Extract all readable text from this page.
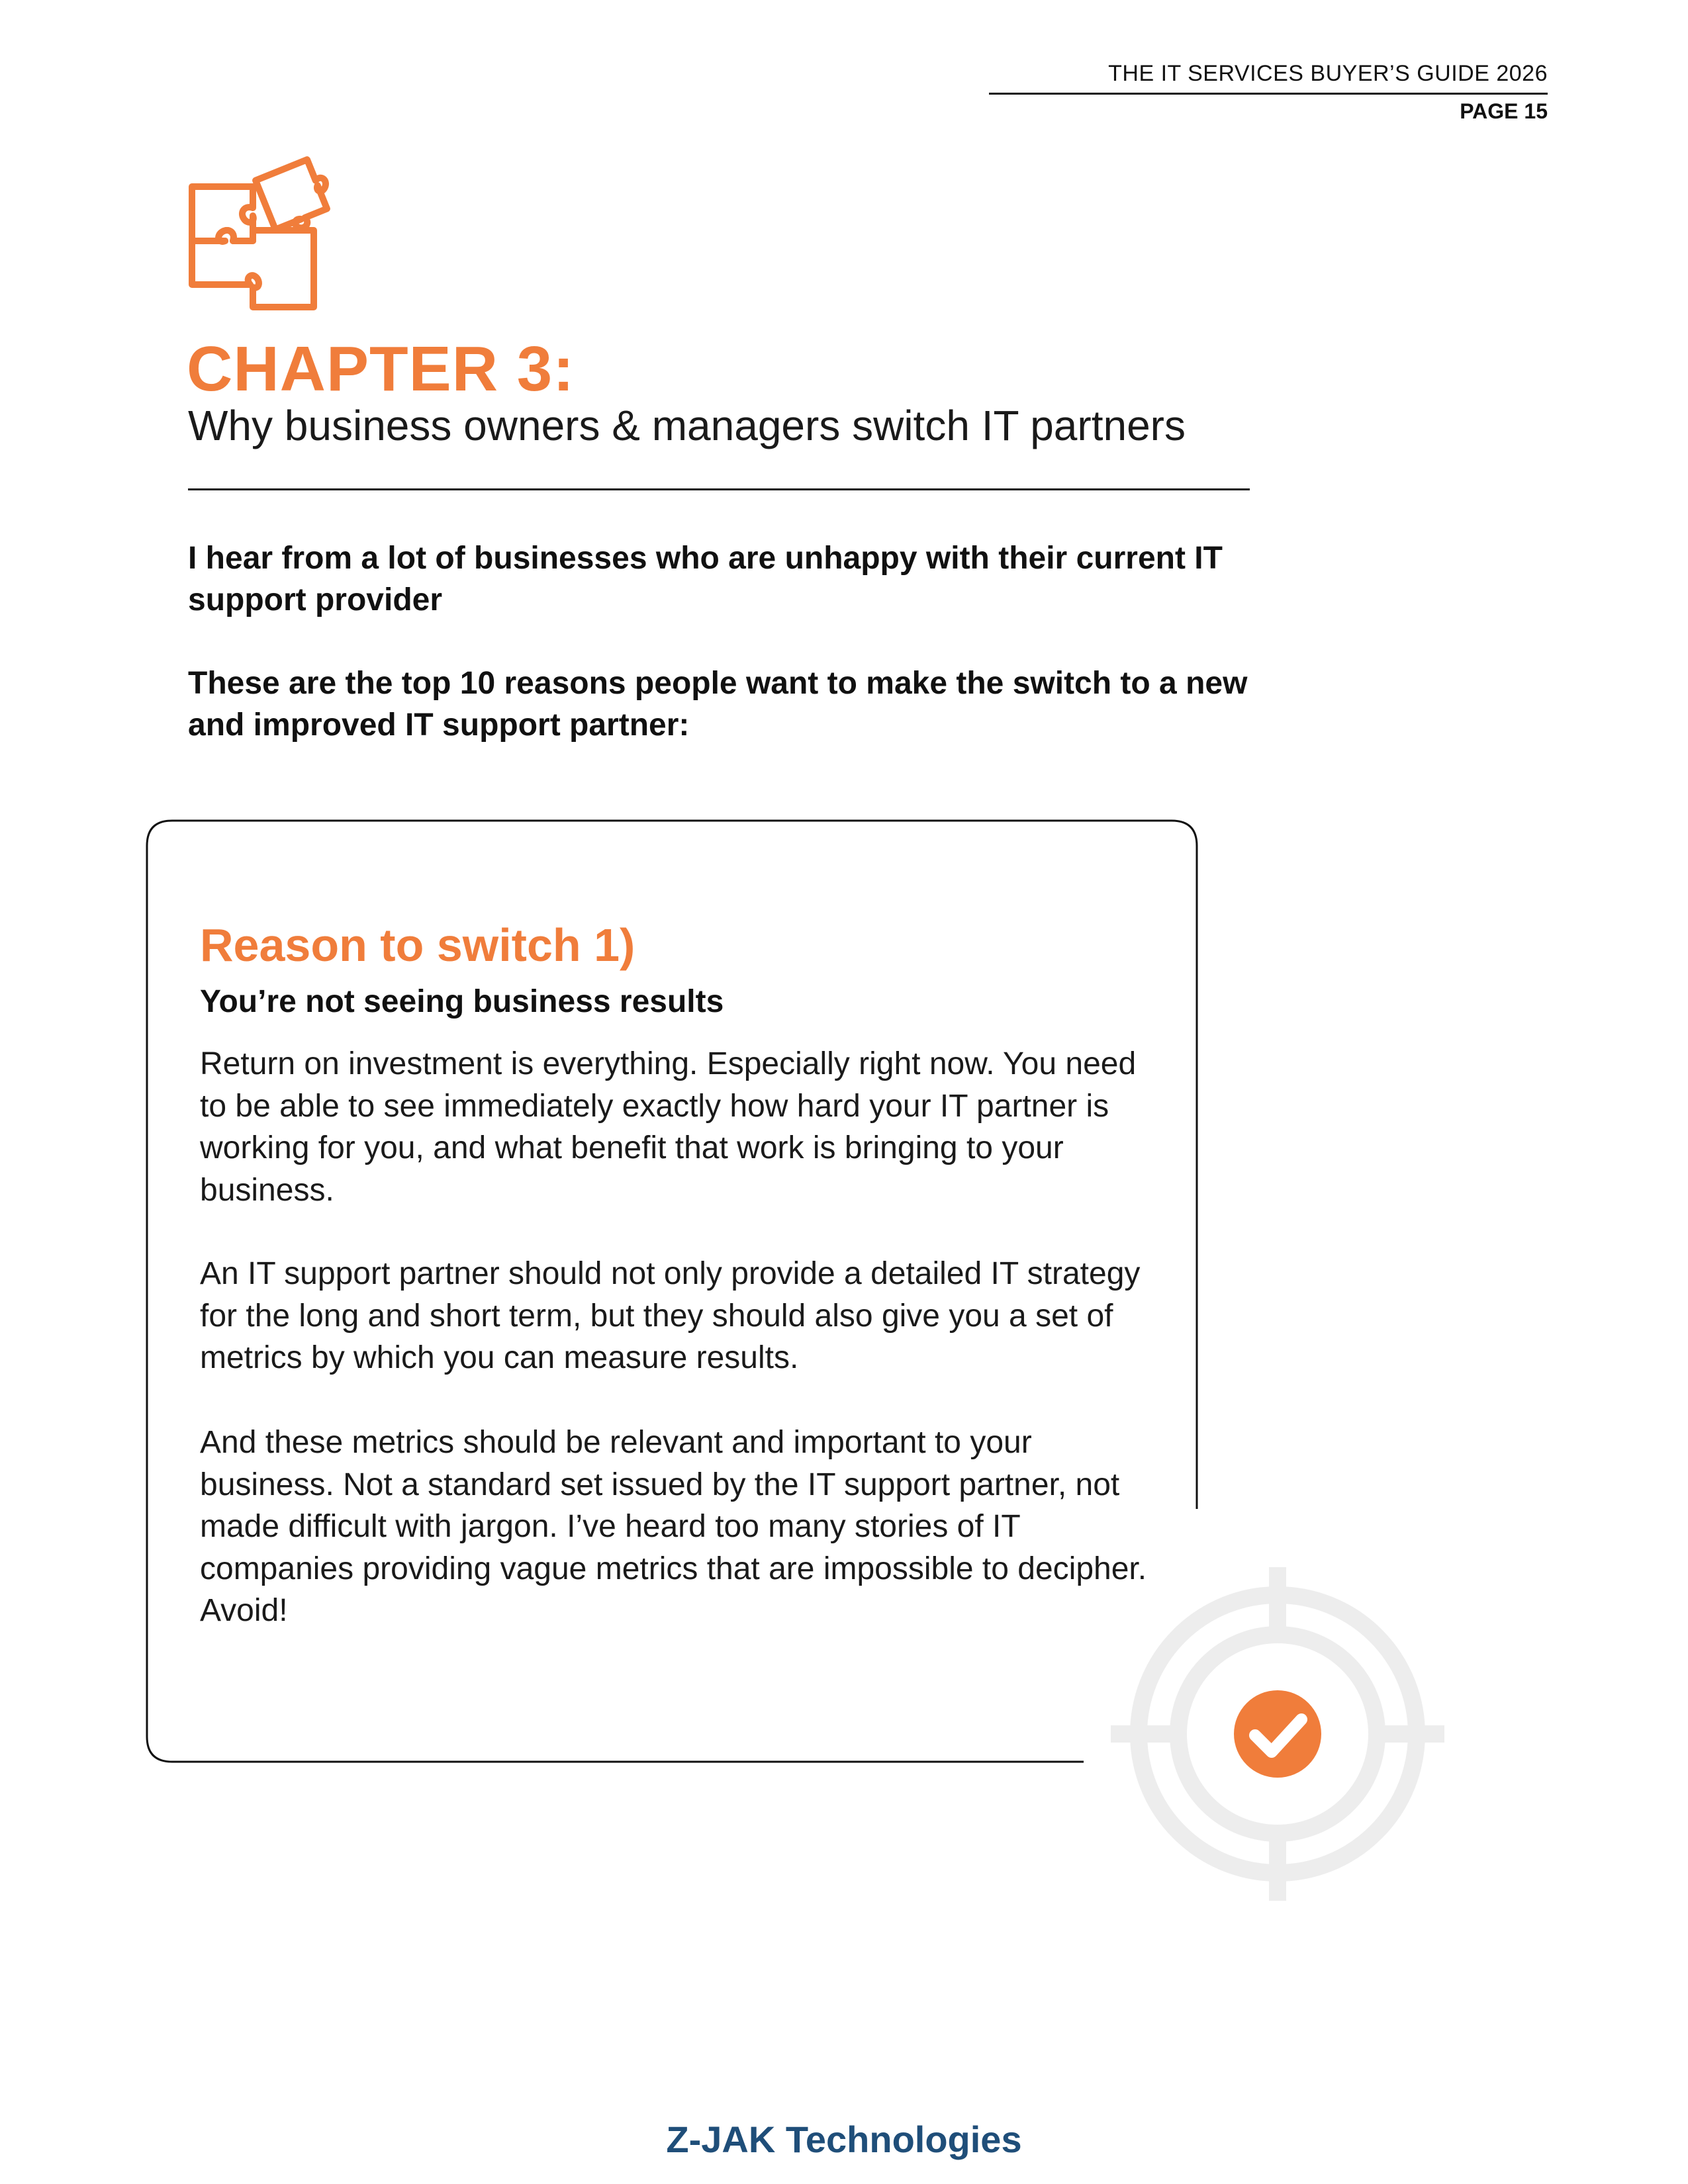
THE IT SERVICES BUYER’S GUIDE 2026
PAGE 15
CHAPTER 3:
Why business owners & managers switch IT partners
I hear from a lot of businesses who are unhappy with their current IT support provider
These are the top 10 reasons people want to make the switch to a new and improved IT support partner:
Reason to switch 1)
You’re not seeing business results
Return on investment is everything. Especially right now. You need to be able to see immediately exactly how hard your IT partner is working for you, and what benefit that work is bringing to your business.
An IT support partner should not only provide a detailed IT strategy for the long and short term, but they should also give you a set of metrics by which you can measure results.
And these metrics should be relevant and important to your business. Not a standard set issued by the IT support partner, not made difficult with jargon. I’ve heard too many stories of IT companies providing vague metrics that are impossible to decipher. Avoid!
Z-JAK Technologies
